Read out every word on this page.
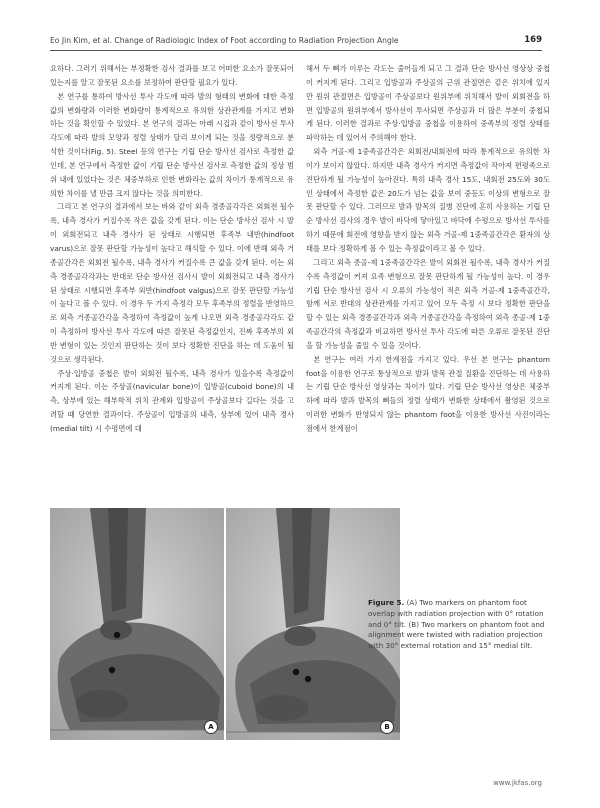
Eo Jin Kim, et al. Change of Radiologic Index of Foot according to Radiation Projection Angle	169

요하다. 그러기 위해서는 부정확한 검사 결과를 보고 어떠한 요소가 잘못되어 있는지를 알고 잘못된 요소를 보정하여 판단할 필요가 있다.

본 연구를 통하여 방사선 투사 각도에 따라 발의 형태의 변화에 대한 측정값의 변화량과 이러한 변화량이 통계적으로 유의한 상관관계를 가지고 변화하는 것을 확인할 수 있었다. 본 연구의 결과는 아래 시겁과 같이 방사선 투사 각도에 따라 발의 모양과 정렬 상태가 달리 보이게 되는 것을 정량적으로 분석한 것이다(Fig. 5). Steel 등의 연구는 기립 단순 방사선 검사로 측정한 값인데, 본 연구에서 측정한 값이 기립 단순 방사선 검사로 측정한 값의 정상 범위 내에 있었다는 것은 체중부하로 인한 변화라는 값의 차이가 통계적으로 유의한 차이를 낼 만큼 크지 않다는 것을 의미한다.

그리고 본 연구의 결과에서 보는 바와 같이 외측 경종골각각은 외회전 될수록, 내측 경사가 커질수록 작은 값을 갖게 된다. 이는 단순 방사선 검사 시 발이 외회전되고 내측 경사가 된 상태로 시행되면 후족부 내반(hindfoot varus)으로 잘못 판단할 가능성이 높다고 해석할 수 있다. 이에 반해 외측 거종골간각은 외회전 될수록, 내측 경사가 커질수록 큰 값을 갖게 된다. 이는 외측 경종골각각과는 반대로 단순 방사선 검사시 발이 외회전되고 내측 경사가 된 상태로 시행되면 후족부 외반(hindfoot valgus)으로 잘못 판단할 가능성이 높다고 볼 수 있다. 이 경우 두 가지 측정각 모두 후족부의 정렬을 반영하므로 외측 거종골간각을 측정하여 측정값이 높게 나오면 외측 경종골각각도 같이 측정하여 방사선 투사 각도에 따른 잘못된 측정값인지, 진짜 후족부의 외반 변형이 있는 것인지 판단하는 것이 보다 정확한 진단을 하는 데 도움이 될 것으로 생각된다.

주상·입방골 중첩은 발이 외회전 될수록, 내측 경사가 있을수록 측정값이 커지게 된다. 이는 주상골(navicular bone)이 입방골(cuboid bone)의 내측, 상부에 있는 해부학적 위치 관계와 입방골이 주상골보다 길다는 것을 고려할 때 당연한 결과이다. 주상골이 입방골의 내측, 상부에 있어 내측 경사(medial tilt) 시 수평면에 대

해서 두 뼈가 이루는 각도는 줄어들게 되고 그 결과 단순 방사선 영상상 중첩이 커지게 된다. 그리고 입방골과 주상골의 근위 관절면은 같은 위치에 있지만 원위 관절면은 입방골이 주상골보다 원위부에 위치해서 발이 외회전을 하면 입방골의 원위부에서 방사선이 투사되면 주상골과 더 많은 부분이 중첩되게 된다. 이러한 결과로 주상·입방골 중첩을 이용하여 중족부의 정렬 상태를 파악하는 데 있어서 주의해야 한다.

외측 거골-제 1중족골간각은 외회전/내회전에 따라 통계적으로 유의한 차이가 보이지 않았다. 하지만 내측 경사가 커지면 측정값이 작아져 편평족으로 진단하게 될 가능성이 높아진다. 특히 내측 경사 15도, 내회전 25도와 30도인 상태에서 측정한 값은 20도가 넘는 값을 보여 중등도 이상의 변형으로 잘못 판단할 수 있다. 그러므로 발과 발목의 질병 진단에 흔히 사용하는 기립 단순 방사선 검사의 경우 발이 바닥에 닿아있고 바닥에 수평으로 방사선 투사를 하기 때문에 회전에 영향을 받지 않는 외측 거골-제 1중족골간각은 환자의 상태를 보다 정확하게 볼 수 있는 측정값이라고 볼 수 있다.

그리고 외측 종골-제 1중족골간각은 발이 외회전 될수록, 내측 경사가 커질수록 측정값이 커져 요족 변형으로 잘못 판단하게 될 가능성이 높다. 이 경우 기립 단순 방사선 검사 시 오류의 가능성이 적은 외측 거골-제 1중족골간각, 함께 서로 반대의 상관관계를 가지고 있어 모두 측정 시 보다 정확한 판단을 할 수 있는 외측 경종골간각과 외측 거종골간각을 측정하여 외측 종골-제 1중족골간각의 측정값과 비교하면 방사선 투사 각도에 따른 오류로 잘못된 진단을 할 가능성을 줄일 수 있을 것이다.

본 연구는 여러 가지 한계점을 가지고 있다. 우선 본 연구는 phantom foot을 이용한 연구로 통상적으로 발과 발목 관절 질환을 진단하는 데 사용하는 기립 단순 방사선 영상과는 차이가 있다. 기립 단순 방사선 영상은 체중부하에 따라 발과 발목의 뼈들의 정렬 상태가 변화한 상태에서 촬영된 것으로 이러한 변화가 반영되지 않는 phantom foot을 이용한 방사선 사진이라는 점에서 한계점이

A	B
Figure 5. (A) Two markers on phantom foot overlap with radiation projection with 0° rotation and 0° tilt. (B) Two markers on phantom foot and alignment were twisted with radiation projection with 30° external rotation and 15° medial tilt.
www.jkfas.org
